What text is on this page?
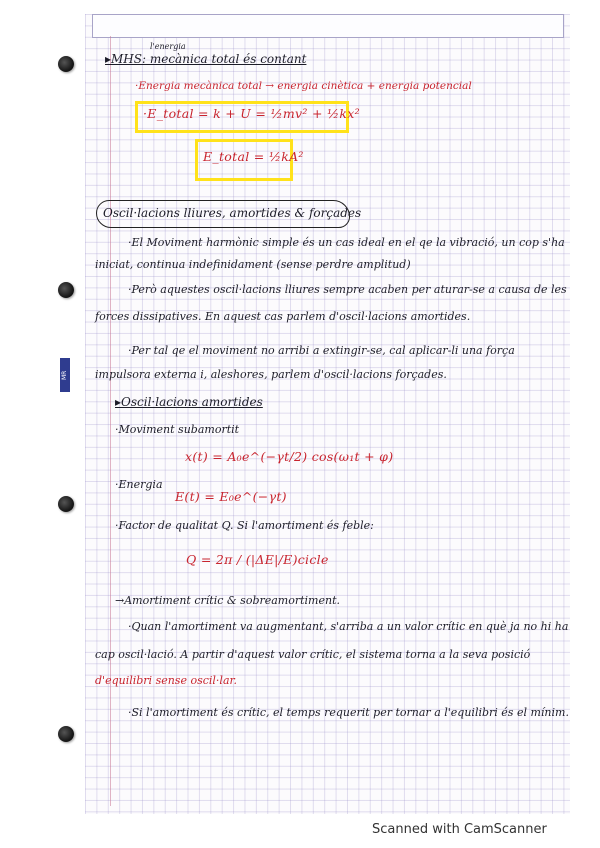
MR MIQUELRIUS
l'energia
▸MHS: mecànica total és contant
·Energia mecànica total → energia cinètica + energia potencial
·E_total = k + U = ½mv² + ½kx²
E_total = ½kA²
Oscil·lacions lliures, amortides & forçades
·El Moviment harmònic simple és un cas ideal en el qe la vibració, un cop s'ha
iniciat, continua indefinidament (sense perdre amplitud)
·Però aquestes oscil·lacions lliures sempre acaben per aturar-se a causa de les
forces dissipatives. En aquest cas parlem d'oscil·lacions amortides.
·Per tal qe el moviment no arribi a extingir-se, cal aplicar-li una força
impulsora externa i, aleshores, parlem d'oscil·lacions forçades.
▸Oscil·lacions amortides
·Moviment subamortit
x(t) = A₀e^(−γt/2) cos(ω₁t + φ)
·Energia
E(t) = E₀e^(−γt)
·Factor de qualitat Q. Si l'amortiment és feble:
Q = 2π / (|ΔE|/E)cicle
→Amortiment crític & sobreamortiment.
·Quan l'amortiment va augmentant, s'arriba a un valor crític en què ja no hi ha
cap oscil·lació. A partir d'aquest valor crític, el sistema torna a la seva posició
d'equilibri sense oscil·lar.
·Si l'amortiment és crític, el temps requerit per tornar a l'equilibri és el mínim.
Scanned with CamScanner
